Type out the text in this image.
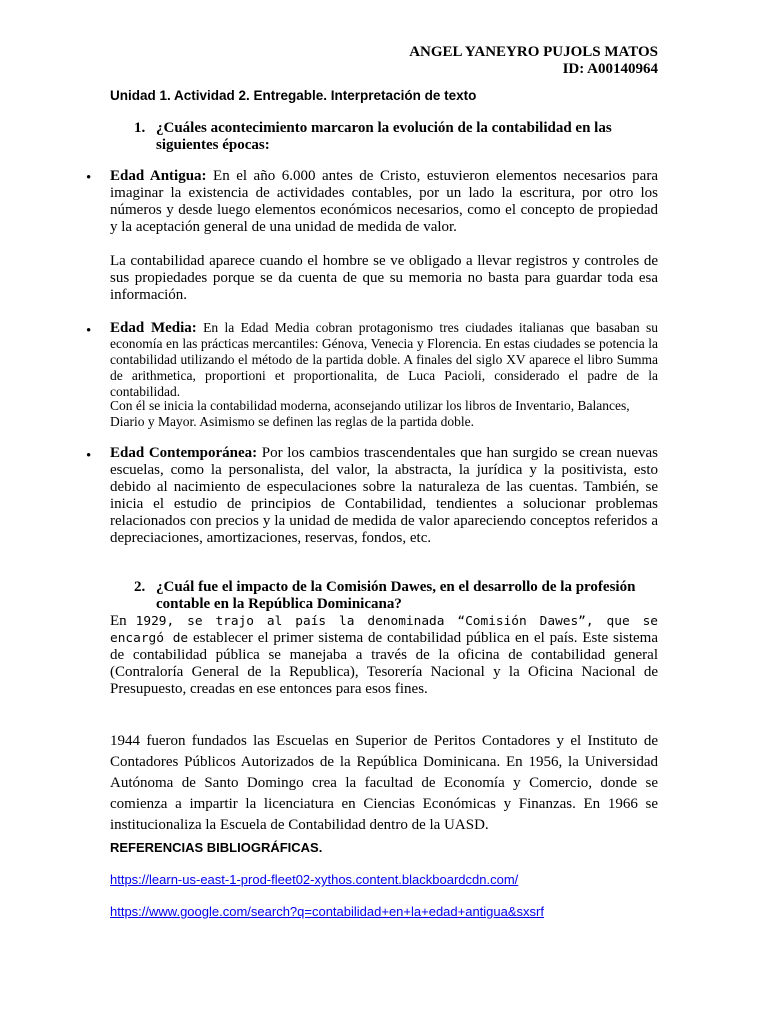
ANGEL YANEYRO PUJOLS MATOS
ID: A00140964
Unidad 1. Actividad 2. Entregable. Interpretación de texto
1. ¿Cuáles acontecimiento marcaron la evolución de la contabilidad en las siguientes épocas:
• Edad Antigua: En el año 6.000 antes de Cristo, estuvieron elementos necesarios para imaginar la existencia de actividades contables, por un lado la escritura, por otro los números y desde luego elementos económicos necesarios, como el concepto de propiedad y la aceptación general de una unidad de medida de valor.
La contabilidad aparece cuando el hombre se ve obligado a llevar registros y controles de sus propiedades porque se da cuenta de que su memoria no basta para guardar toda esa información.
• Edad Media: En la Edad Media cobran protagonismo tres ciudades italianas que basaban su economía en las prácticas mercantiles: Génova, Venecia y Florencia. En estas ciudades se potencia la contabilidad utilizando el método de la partida doble. A finales del siglo XV aparece el libro Summa de arithmetica, proportioni et proportionalita, de Luca Pacioli, considerado el padre de la contabilidad.
Con él se inicia la contabilidad moderna, aconsejando utilizar los libros de Inventario, Balances, Diario y Mayor. Asimismo se definen las reglas de la partida doble.
• Edad Contemporánea: Por los cambios trascendentales que han surgido se crean nuevas escuelas, como la personalista, del valor, la abstracta, la jurídica y la positivista, esto debido al nacimiento de especulaciones sobre la naturaleza de las cuentas. También, se inicia el estudio de principios de Contabilidad, tendientes a solucionar problemas relacionados con precios y la unidad de medida de valor apareciendo conceptos referidos a depreciaciones, amortizaciones, reservas, fondos, etc.
2. ¿Cuál fue el impacto de la Comisión Dawes, en el desarrollo de la profesión contable en la República Dominicana?
En 1929, se trajo al país la denominada “Comisión Dawes”, que se encargó de establecer el primer sistema de contabilidad pública en el país. Este sistema de contabilidad pública se manejaba a través de la oficina de contabilidad general (Contraloría General de la Republica), Tesorería Nacional y la Oficina Nacional de Presupuesto, creadas en ese entonces para esos fines.
1944 fueron fundados las Escuelas en Superior de Peritos Contadores y el Instituto de Contadores Públicos Autorizados de la República Dominicana. En 1956, la Universidad Autónoma de Santo Domingo crea la facultad de Economía y Comercio, donde se comienza a impartir la licenciatura en Ciencias Económicas y Finanzas. En 1966 se institucionaliza la Escuela de Contabilidad dentro de la UASD.
REFERENCIAS BIBLIOGRÁFICAS.
https://learn-us-east-1-prod-fleet02-xythos.content.blackboardcdn.com/
https://www.google.com/search?q=contabilidad+en+la+edad+antigua&sxsrf
